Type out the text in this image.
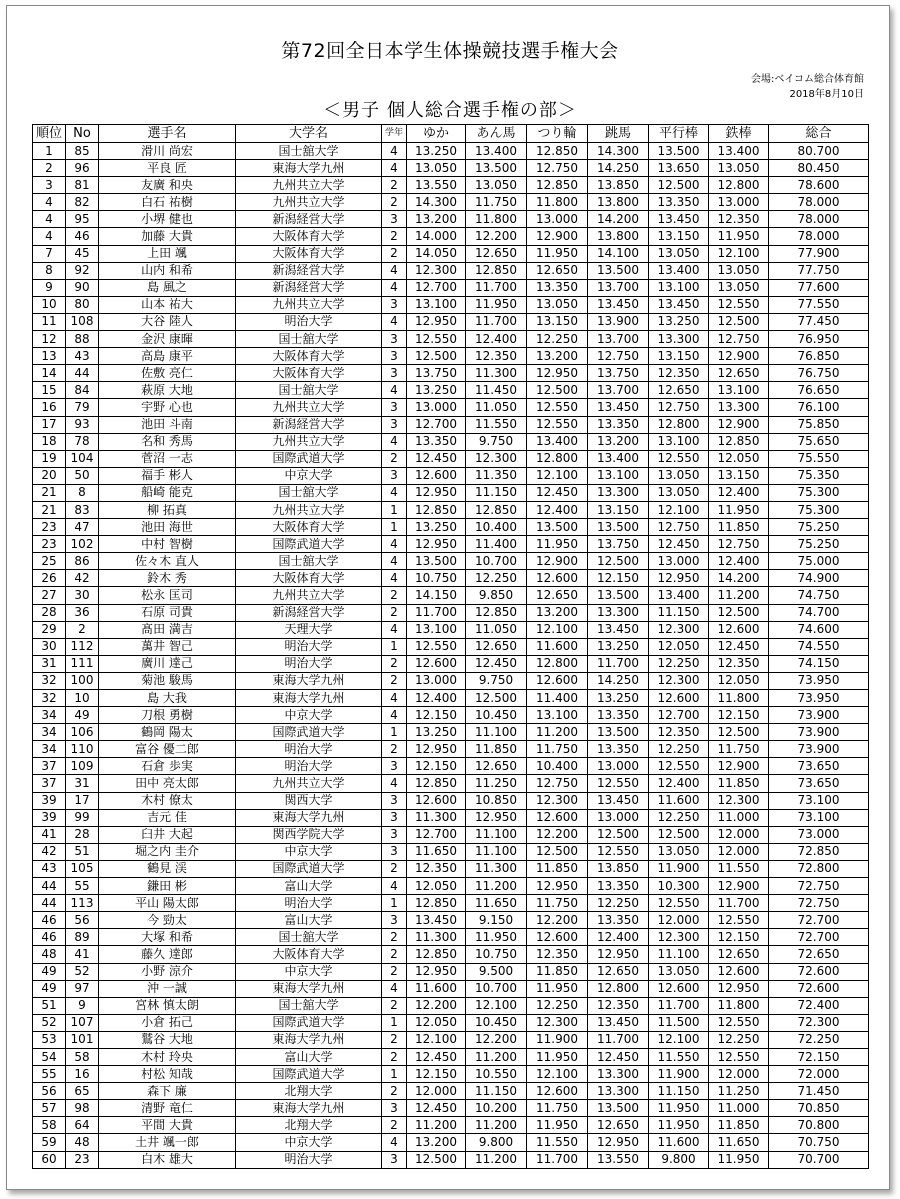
第72回全日本学生体操競技選手権大会
会場:ベイコム総合体育館
2018年8月10日
＜男子 個人総合選手権の部＞
順位	No	選手名	大学名	学年	ゆか	あん馬	つり輪	跳馬	平行棒	鉄棒	総合
1	85	滑川 尚宏	国士舘大学	4	13.250	13.400	12.850	14.300	13.500	13.400	80.700
2	96	平良 匠	東海大学九州	4	13.050	13.500	12.750	14.250	13.650	13.050	80.450
3	81	友廣 和央	九州共立大学	2	13.550	13.050	12.850	13.850	12.500	12.800	78.600
4	82	白石 祐樹	九州共立大学	2	14.300	11.750	11.800	13.800	13.350	13.000	78.000
4	95	小堺 健也	新潟経営大学	3	13.200	11.800	13.000	14.200	13.450	12.350	78.000
4	46	加藤 大貴	大阪体育大学	2	14.000	12.200	12.900	13.800	13.150	11.950	78.000
7	45	上田 颯	大阪体育大学	2	14.050	12.650	11.950	14.100	13.050	12.100	77.900
8	92	山内 和希	新潟経営大学	4	12.300	12.850	12.650	13.500	13.400	13.050	77.750
9	90	島 風之	新潟経営大学	4	12.700	11.700	13.350	13.700	13.100	13.050	77.600
10	80	山本 祐大	九州共立大学	3	13.100	11.950	13.050	13.450	13.450	12.550	77.550
11	108	大谷 陸人	明治大学	4	12.950	11.700	13.150	13.900	13.250	12.500	77.450
12	88	金沢 康暉	国士舘大学	3	12.550	12.400	12.250	13.700	13.300	12.750	76.950
13	43	高島 康平	大阪体育大学	3	12.500	12.350	13.200	12.750	13.150	12.900	76.850
14	44	佐敷 亮仁	大阪体育大学	3	13.750	11.300	12.950	13.750	12.350	12.650	76.750
15	84	萩原 大地	国士舘大学	4	13.250	11.450	12.500	13.700	12.650	13.100	76.650
16	79	宇野 心也	九州共立大学	3	13.000	11.050	12.550	13.450	12.750	13.300	76.100
17	93	池田 斗南	新潟経営大学	3	12.700	11.550	12.550	13.350	12.800	12.900	75.850
18	78	名和 秀馬	九州共立大学	4	13.350	9.750	13.400	13.200	13.100	12.850	75.650
19	104	菅沼 一志	国際武道大学	2	12.450	12.300	12.800	13.400	12.550	12.050	75.550
20	50	福手 彬人	中京大学	3	12.600	11.350	12.100	13.100	13.050	13.150	75.350
21	8	船崎 能克	国士舘大学	4	12.950	11.150	12.450	13.300	13.050	12.400	75.300
21	83	柳 拓真	九州共立大学	1	12.850	12.850	12.400	13.150	12.100	11.950	75.300
23	47	池田 海世	大阪体育大学	1	13.250	10.400	13.500	13.500	12.750	11.850	75.250
23	102	中村 智樹	国際武道大学	4	12.950	11.400	11.950	13.750	12.450	12.750	75.250
25	86	佐々木 直人	国士舘大学	4	13.500	10.700	12.900	12.500	13.000	12.400	75.000
26	42	鈴木 秀	大阪体育大学	4	10.750	12.250	12.600	12.150	12.950	14.200	74.900
27	30	松永 匡司	九州共立大学	2	14.150	9.850	12.650	13.500	13.400	11.200	74.750
28	36	石原 司貴	新潟経営大学	2	11.700	12.850	13.200	13.300	11.150	12.500	74.700
29	2	髙田 満吉	天理大学	4	13.100	11.050	12.100	13.450	12.300	12.600	74.600
30	112	萬井 智己	明治大学	1	12.550	12.650	11.600	13.250	12.050	12.450	74.550
31	111	廣川 達己	明治大学	2	12.600	12.450	12.800	11.700	12.250	12.350	74.150
32	100	菊池 駿馬	東海大学九州	2	13.000	9.750	12.600	14.250	12.300	12.050	73.950
32	10	島 大我	東海大学九州	4	12.400	12.500	11.400	13.250	12.600	11.800	73.950
34	49	刀根 勇樹	中京大学	4	12.150	10.450	13.100	13.350	12.700	12.150	73.900
34	106	鶴岡 陽太	国際武道大学	1	13.250	11.100	11.200	13.500	12.350	12.500	73.900
34	110	富谷 優二郎	明治大学	2	12.950	11.850	11.750	13.350	12.250	11.750	73.900
37	109	石倉 歩実	明治大学	3	12.150	12.650	10.400	13.000	12.550	12.900	73.650
37	31	田中 亮太郎	九州共立大学	4	12.850	11.250	12.750	12.550	12.400	11.850	73.650
39	17	木村 僚太	関西大学	3	12.600	10.850	12.300	13.450	11.600	12.300	73.100
39	99	吉元 佳	東海大学九州	3	11.300	12.950	12.600	13.000	12.250	11.000	73.100
41	28	臼井 大起	関西学院大学	3	12.700	11.100	12.200	12.500	12.500	12.000	73.000
42	51	堀之内 圭介	中京大学	3	11.650	11.100	12.500	12.550	13.050	12.000	72.850
43	105	鶴見 渓	国際武道大学	2	12.350	11.300	11.850	13.850	11.900	11.550	72.800
44	55	鎌田 彬	富山大学	4	12.050	11.200	12.950	13.350	10.300	12.900	72.750
44	113	平山 陽太郎	明治大学	1	12.850	11.650	11.750	12.250	12.550	11.700	72.750
46	56	今 勁太	富山大学	3	13.450	9.150	12.200	13.350	12.000	12.550	72.700
46	89	大塚 和希	国士舘大学	2	11.300	11.950	12.600	12.400	12.300	12.150	72.700
48	41	藤久 達郎	大阪体育大学	2	12.850	10.750	12.350	12.950	11.100	12.650	72.650
49	52	小野 涼介	中京大学	2	12.950	9.500	11.850	12.650	13.050	12.600	72.600
49	97	沖 一誠	東海大学九州	4	11.600	10.700	11.950	12.800	12.600	12.950	72.600
51	9	宮林 慎太朗	国士舘大学	2	12.200	12.100	12.250	12.350	11.700	11.800	72.400
52	107	小倉 拓己	国際武道大学	1	12.050	10.450	12.300	13.450	11.500	12.550	72.300
53	101	鷲谷 大地	東海大学九州	2	12.100	12.200	11.900	11.700	12.100	12.250	72.250
54	58	木村 玲央	富山大学	2	12.450	11.200	11.950	12.450	11.550	12.550	72.150
55	16	村松 知哉	国際武道大学	1	12.150	10.550	12.100	13.300	11.900	12.000	72.000
56	65	森下 廉	北翔大学	2	12.000	11.150	12.600	13.300	11.150	11.250	71.450
57	98	清野 竜仁	東海大学九州	3	12.450	10.200	11.750	13.500	11.950	11.000	70.850
58	64	平間 大貴	北翔大学	2	11.200	11.200	11.950	12.650	11.950	11.850	70.800
59	48	土井 颯一郎	中京大学	4	13.200	9.800	11.550	12.950	11.600	11.650	70.750
60	23	白木 雄大	明治大学	3	12.500	11.200	11.700	13.550	9.800	11.950	70.700
